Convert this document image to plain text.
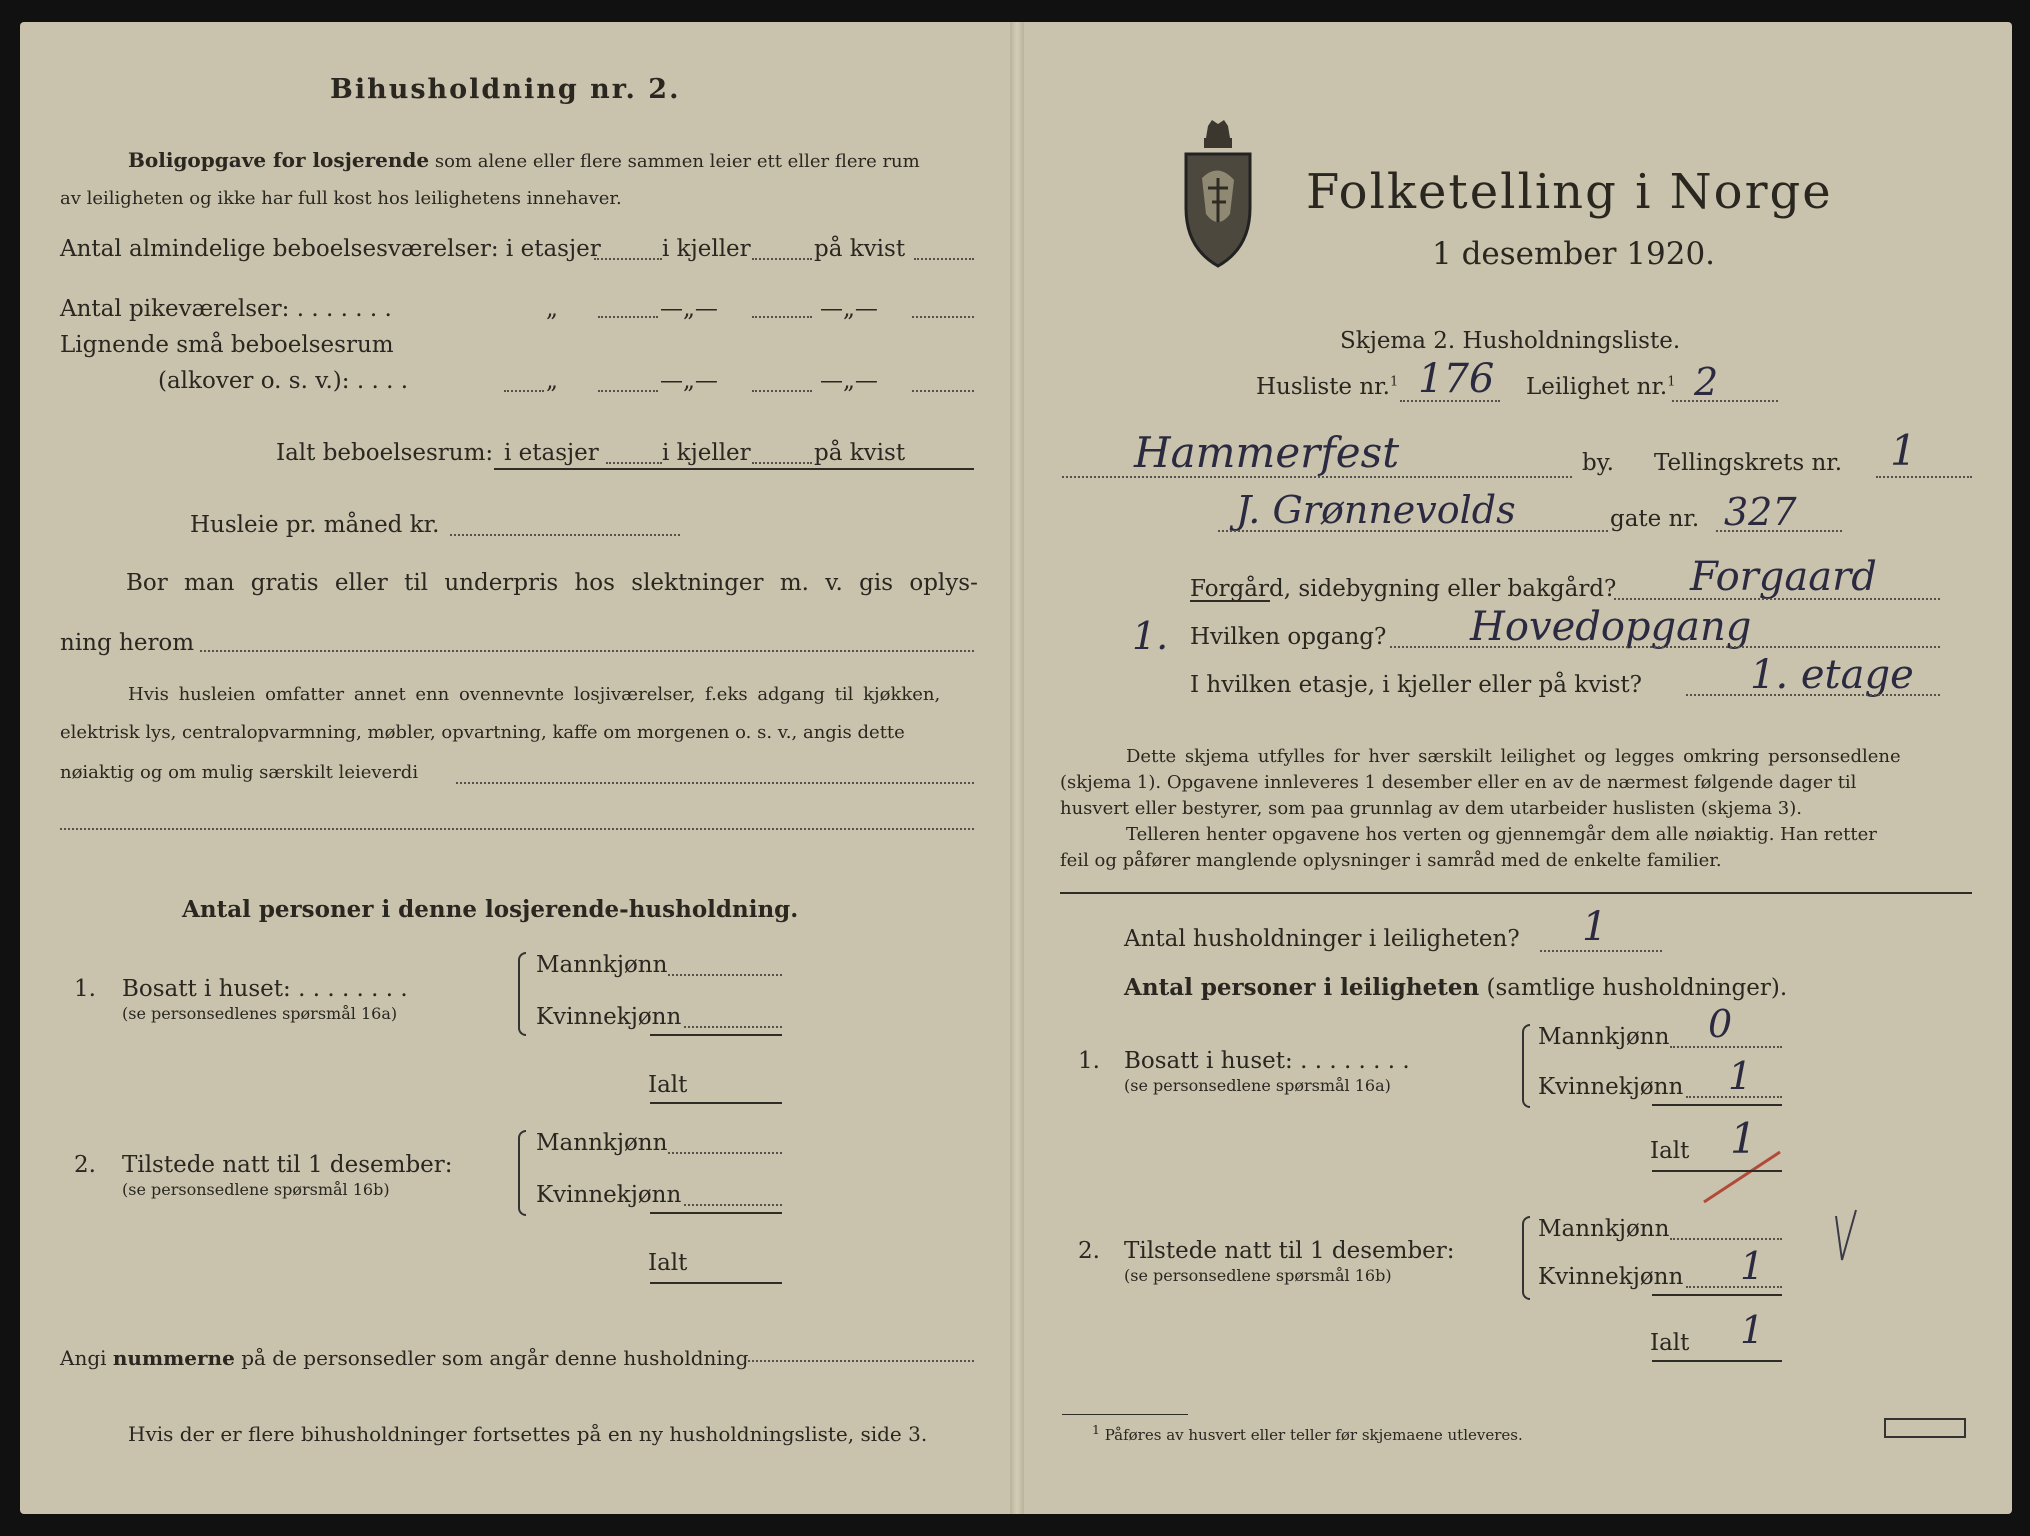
Bihusholdning nr. 2.
Boligopgave for losjerende som alene eller flere sammen leier ett eller flere rum
av leiligheten og ikke har full kost hos leilighetens innehaver.
Antal almindelige beboelsesværelser: i etasjer	i kjeller	på kvist
Antal pikeværelser: . . . . . . .	„	—„—	—„—
Lignende små beboelsesrum
(alkover o. s. v.): . . . .	„	—„—	—„—
Ialt beboelsesrum: i etasjer	i kjeller	på kvist
Husleie pr. måned kr.
Bor man gratis eller til underpris hos slektninger m. v. gis oplys-
ning herom
Hvis husleien omfatter annet enn ovennevnte losjiværelser, f.eks adgang til kjøkken,
elektrisk lys, centralopvarmning, møbler, opvartning, kaffe om morgenen o. s. v., angis dette
nøiaktig og om mulig særskilt leieverdi
Antal personer i denne losjerende-husholdning.
1. Bosatt i huset: . . . . . . . .
(se personsedlenes spørsmål 16a)
Mannkjønn
Kvinnekjønn
Ialt
2. Tilstede natt til 1 desember:
(se personsedlene spørsmål 16b)
Mannkjønn
Kvinnekjønn
Ialt
Angi nummerne på de personsedler som angår denne husholdning
Hvis der er flere bihusholdninger fortsettes på en ny husholdningsliste, side 3.
Folketelling i Norge
1 desember 1920.
Skjema 2. Husholdningsliste.
Husliste nr.$^1$ 176 Leilighet nr.$^1$ 2
Hammerfest	by. Tellingskrets nr. 1
J. Grønnevolds	gate nr. 327
Forgård, sidebygning eller bakgård? Forgaard
1. Hvilken opgang? Hovedopgang
I hvilken etasje, i kjeller eller på kvist?	1. etage
Dette skjema utfylles for hver særskilt leilighet og legges omkring personsedlene
(skjema 1). Opgavene innleveres 1 desember eller en av de nærmest følgende dager til
husvert eller bestyrer, som paa grunnlag av dem utarbeider huslisten (skjema 3).
Telleren henter opgavene hos verten og gjennemgår dem alle nøiaktig. Han retter
feil og påfører manglende oplysninger i samråd med de enkelte familier.
Antal husholdninger i leiligheten? 1
Antal personer i leiligheten (samtlige husholdninger).
1. Bosatt i huset: . . . . . . . .
(se personsedlene spørsmål 16a)
Mannkjønn 0
Kvinnekjønn 1
Ialt 1
2. Tilstede natt til 1 desember:
(se personsedlene spørsmål 16b)
Mannkjønn
Kvinnekjønn 1
Ialt 1
$^1$ Påføres av husvert eller teller før skjemaene utleveres.
